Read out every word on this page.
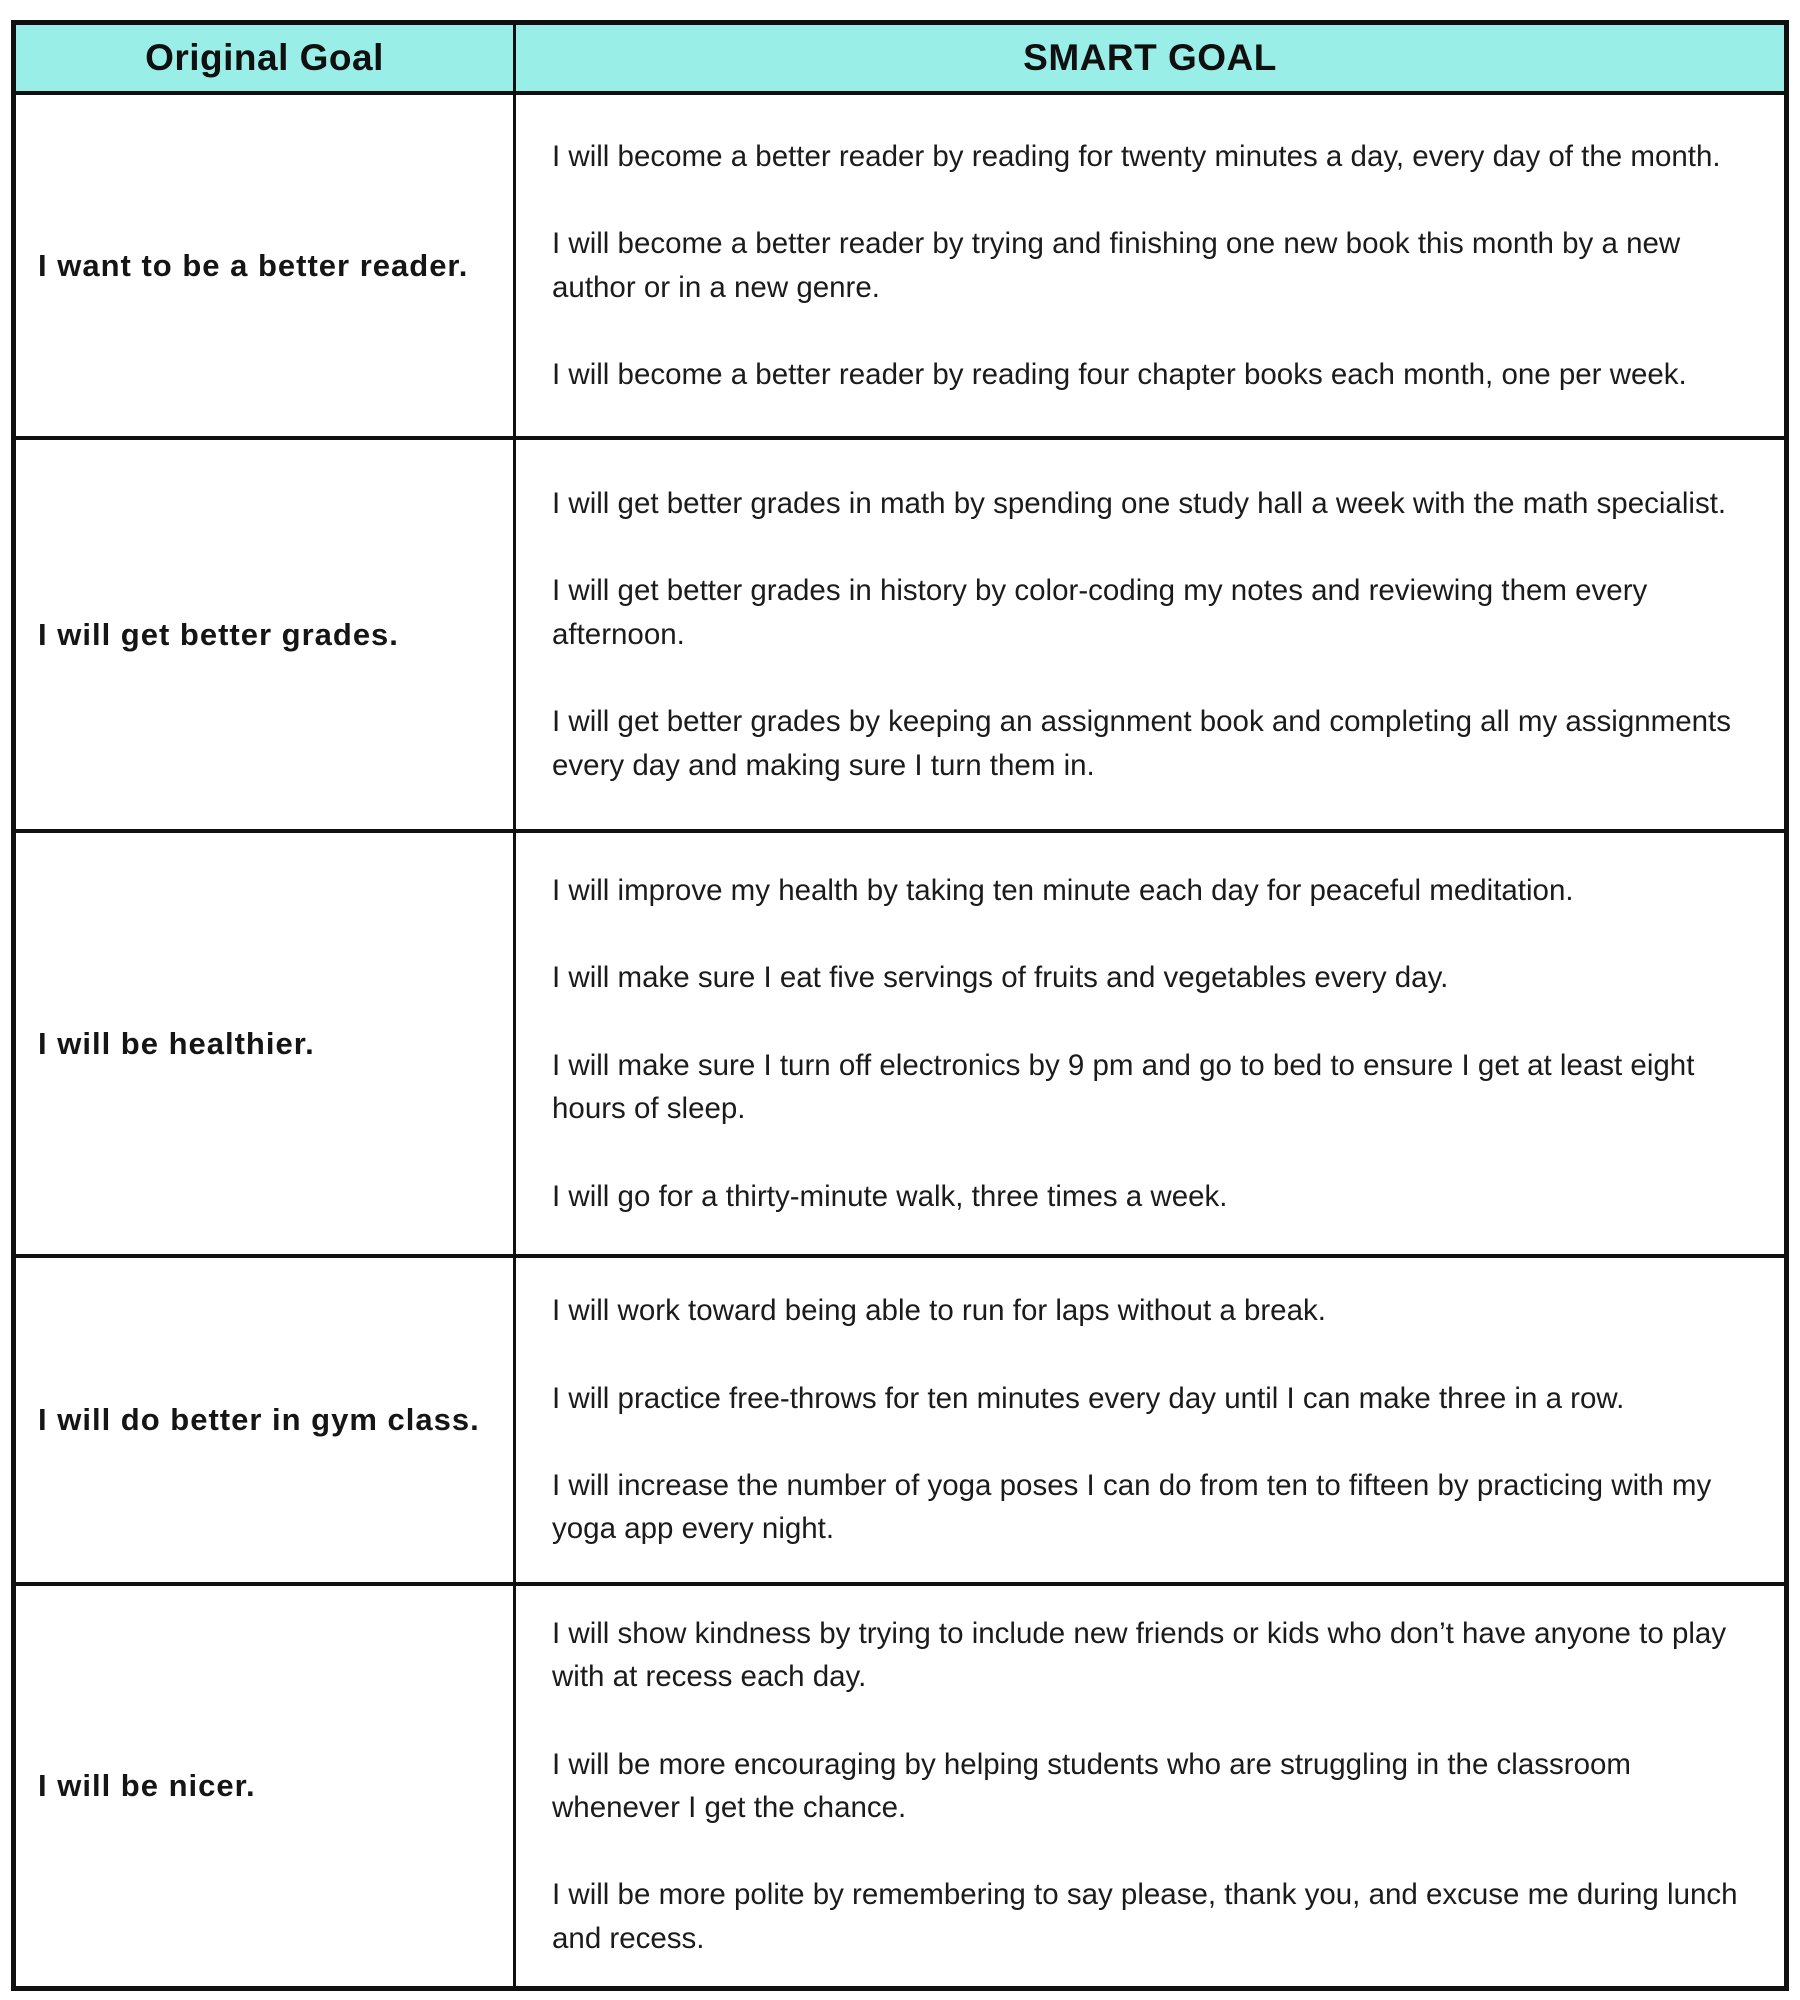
Original Goal	SMART GOAL
I want to be a better reader.

I will become a better reader by reading for twenty minutes a day, every day of the month.

I will become a better reader by trying and finishing one new book this month by a new author or in a new genre.

I will become a better reader by reading four chapter books each month, one per week.

I will get better grades.

I will get better grades in math by spending one study hall a week with the math specialist.

I will get better grades in history by color-coding my notes and reviewing them every afternoon.

I will get better grades by keeping an assignment book and completing all my assignments every day and making sure I turn them in.

I will be healthier.

I will improve my health by taking ten minute each day for peaceful meditation.

I will make sure I eat five servings of fruits and vegetables every day.

I will make sure I turn off electronics by 9 pm and go to bed to ensure I get at least eight hours of sleep.

I will go for a thirty-minute walk, three times a week.

I will do better in gym class.

I will work toward being able to run for laps without a break.

I will practice free-throws for ten minutes every day until I can make three in a row.

I will increase the number of yoga poses I can do from ten to fifteen by practicing with my yoga app every night.

I will be nicer.

I will show kindness by trying to include new friends or kids who don’t have anyone to play with at recess each day.

I will be more encouraging by helping students who are struggling in the classroom whenever I get the chance.

I will be more polite by remembering to say please, thank you, and excuse me during lunch and recess.
